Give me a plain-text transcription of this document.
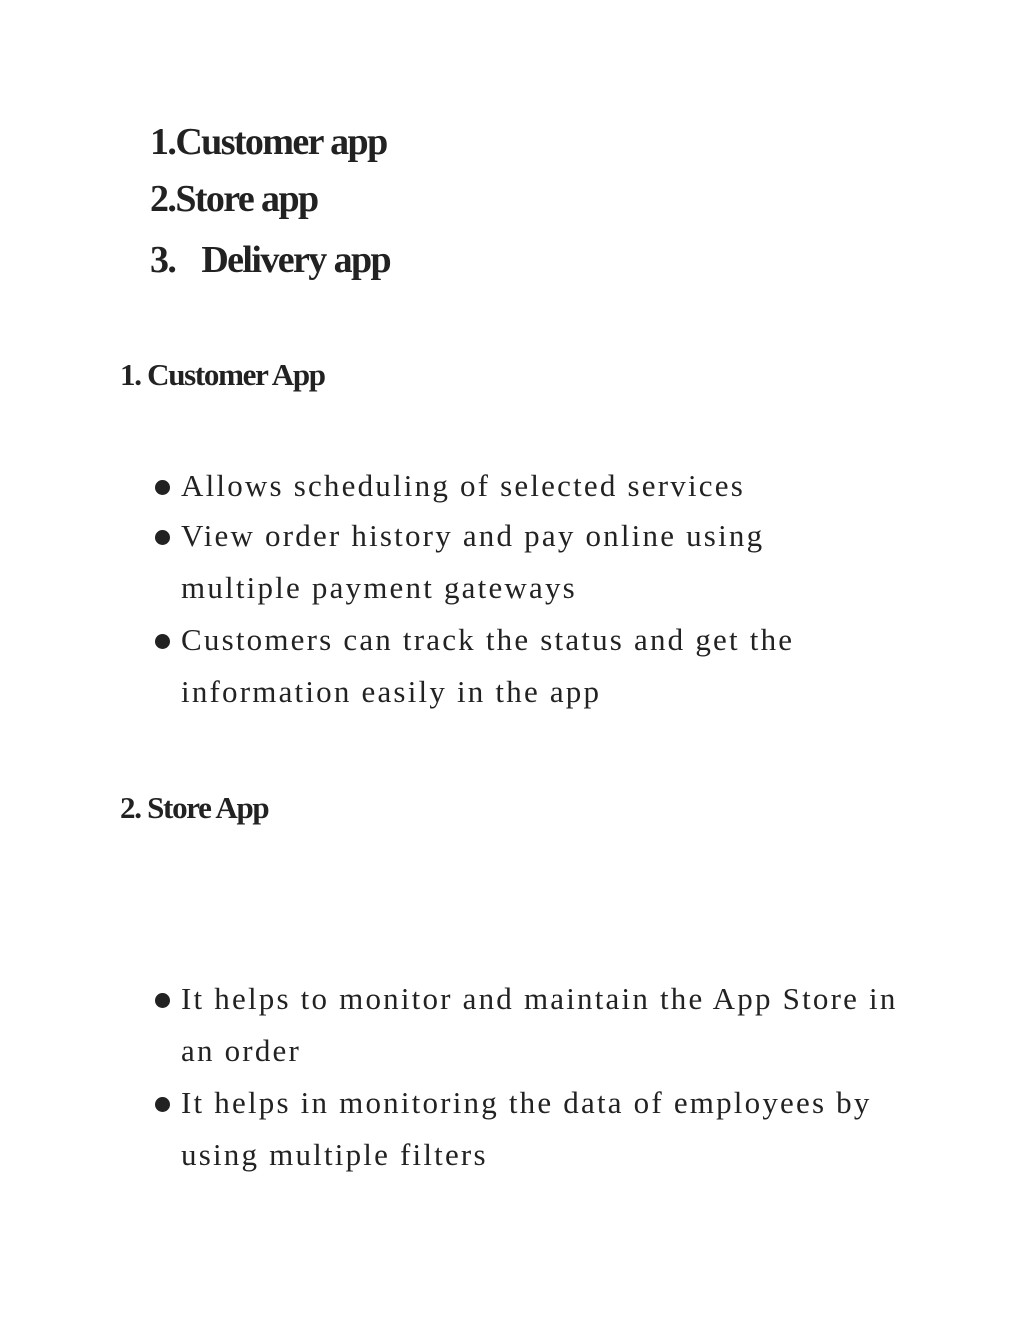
1.Customer app
2.Store app
3. Delivery app
1. Customer App
Allows scheduling of selected services
View order history and pay online using multiple payment gateways
Customers can track the status and get the information easily in the app
2. Store App
It helps to monitor and maintain the App Store in an order
It helps in monitoring the data of employees by using multiple filters
